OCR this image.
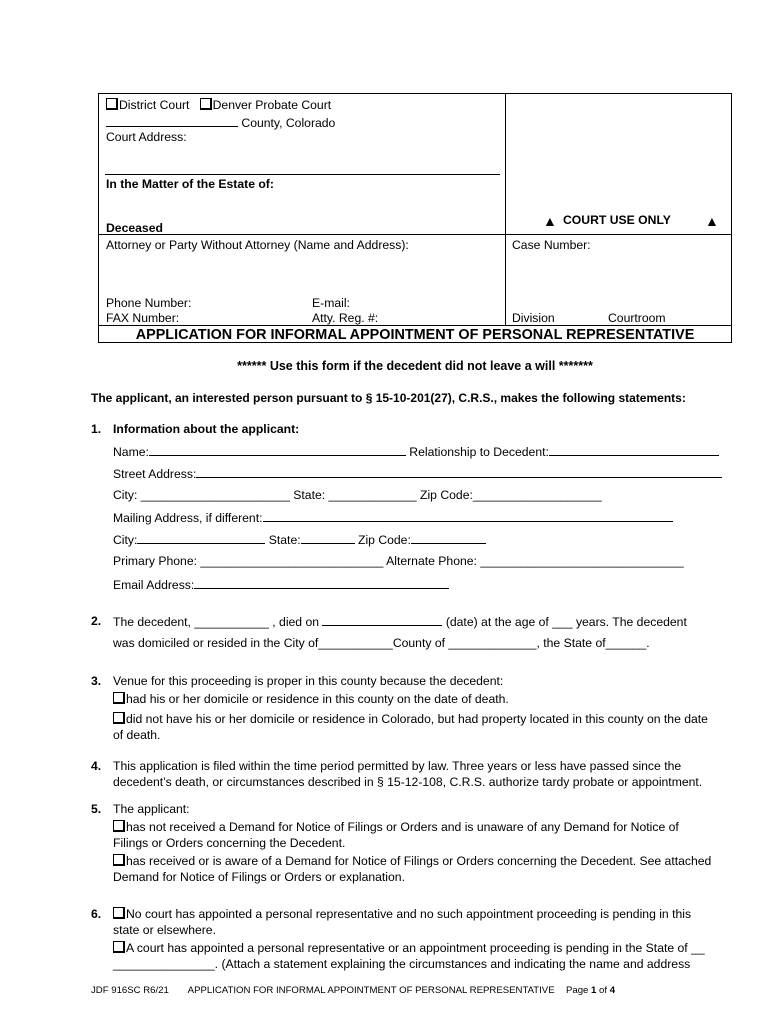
District Court Denver Probate Court
County, Colorado
Court Address:
In the Matter of the Estate of:
Deceased
Attorney or Party Without Attorney (Name and Address):
Phone Number:	E-mail:
FAX Number:	Atty. Reg. #:
▲ COURT USE ONLY ▲
Case Number:
Division	Courtroom
APPLICATION FOR INFORMAL APPOINTMENT OF PERSONAL REPRESENTATIVE
****** Use this form if the decedent did not leave a will *******
The applicant, an interested person pursuant to § 15-10-201(27), C.R.S., makes the following statements:
1. Information about the applicant:
Name:	Relationship to Decedent:
Street Address:
City: ______________________ State: _____________ Zip Code:___________________
Mailing Address, if different:
City:	State:	Zip Code:
Primary Phone: ___________________________ Alternate Phone: ______________________________
Email Address:
2. The decedent, ___________ , died on	(date) at the age of ___ years. The decedent
was domiciled or resided in the City of___________County of _____________, the State of______.
3. Venue for this proceeding is proper in this county because the decedent:
had his or her domicile or residence in this county on the date of death.
did not have his or her domicile or residence in Colorado, but had property located in this county on the date
of death.
4. This application is filed within the time period permitted by law. Three years or less have passed since the
decedent’s death, or circumstances described in § 15-12-108, C.R.S. authorize tardy probate or appointment.
5. The applicant:
has not received a Demand for Notice of Filings or Orders and is unaware of any Demand for Notice of
Filings or Orders concerning the Decedent.
has received or is aware of a Demand for Notice of Filings or Orders concerning the Decedent. See attached
Demand for Notice of Filings or Orders or explanation.
6.	No court has appointed a personal representative and no such appointment proceeding is pending in this
state or elsewhere.
A court has appointed a personal representative or an appointment proceeding is pending in the State of __
_______________. (Attach a statement explaining the circumstances and indicating the name and address
JDF 916SC R6/21 APPLICATION FOR INFORMAL APPOINTMENT OF PERSONAL REPRESENTATIVE Page 1 of 4
